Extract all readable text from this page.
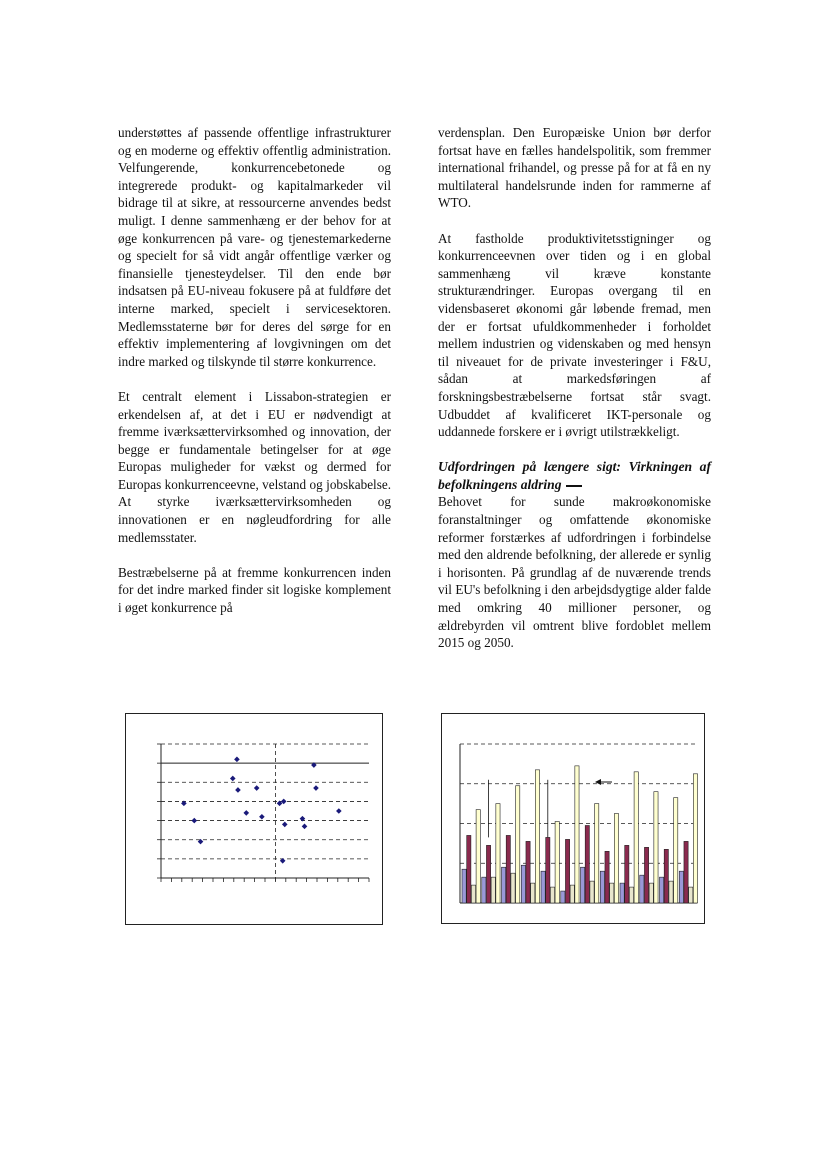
understøttes af passende offentlige infrastrukturer og en moderne og effektiv offentlig administration. Velfungerende, konkurrencebetonede og integrerede produkt- og kapitalmarkeder vil bidrage til at sikre, at ressourcerne anvendes bedst muligt. I denne sammenhæng er der behov for at øge konkurrencen på vare- og tjenestemarkederne og specielt for så vidt angår offentlige værker og finansielle tjenesteydelser. Til den ende bør indsatsen på EU-niveau fokusere på at fuldføre det interne marked, specielt i servicesektoren. Medlemsstaterne bør for deres del sørge for en effektiv implementering af lovgivningen om det indre marked og tilskynde til større konkurrence.

Et centralt element i Lissabon-strategien er erkendelsen af, at det i EU er nødvendigt at fremme iværksættervirksomhed og innovation, der begge er fundamentale betingelser for at øge Europas muligheder for vækst og dermed for Europas konkurrenceevne, velstand og jobskabelse. At styrke iværksættervirksomheden og innovationen er en nøgleudfordring for alle medlemsstater.

Bestræbelserne på at fremme konkurrencen inden for det indre marked finder sit logiske komplement i øget konkurrence på

verdensplan. Den Europæiske Union bør derfor fortsat have en fælles handelspolitik, som fremmer international frihandel, og presse på for at få en ny multilateral handelsrunde inden for rammerne af WTO.

At fastholde produktivitetsstigninger og konkurrenceevnen over tiden og i en global sammenhæng vil kræve konstante strukturændringer. Europas overgang til en vidensbaseret økonomi går løbende fremad, men der er fortsat ufuldkommenheder i forholdet mellem industrien og videnskaben og med hensyn til niveauet for de private investeringer i F&U, sådan at markedsføringen af forskningsbestræbelserne fortsat står svagt. Udbuddet af kvalificeret IKT-personale og uddannede forskere er i øvrigt utilstrækkeligt.

Udfordringen på længere sigt: Virkningen af befolkningens aldring

Behovet for sunde makroøkonomiske foranstaltninger og omfattende økonomiske reformer forstærkes af udfordringen i forbindelse med den aldrende befolkning, der allerede er synlig i horisonten. På grundlag af de nuværende trends vil EU's befolkning i den arbejdsdygtige alder falde med omkring 40 millioner personer, og ældrebyrden vil omtrent blive fordoblet mellem 2015 og 2050.
